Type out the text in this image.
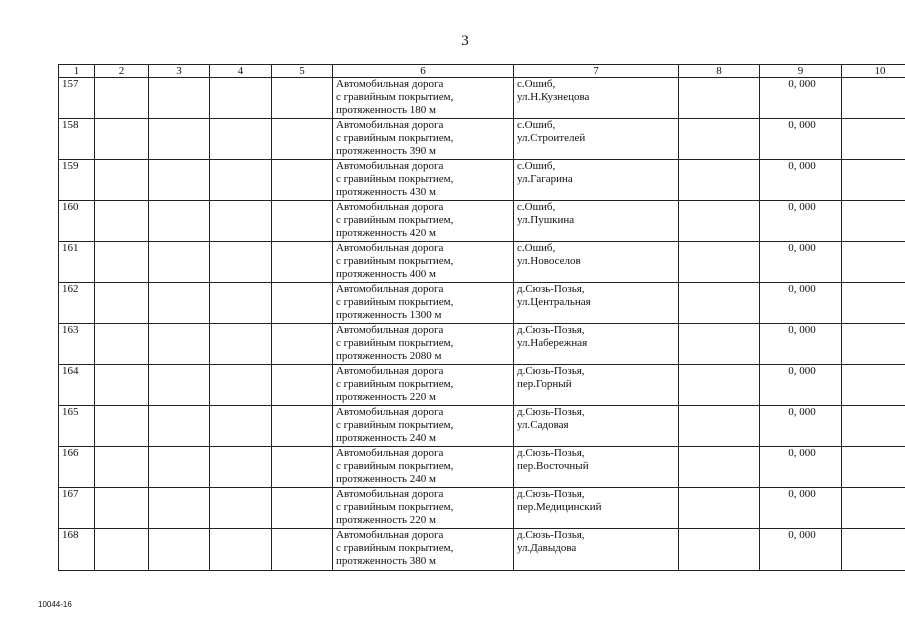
3
1	2	3	4	5	6	7	8	9	10
157					Автомобильная дорога
с гравийным покрытием,
протяженность 180 м	с.Ошиб,
ул.Н.Кузнецова		0, 000	
158					Автомобильная дорога
с гравийным покрытием,
протяженность 390 м	с.Ошиб,
ул.Строителей		0, 000	
159					Автомобильная дорога
с гравийным покрытием,
протяженность 430 м	с.Ошиб,
ул.Гагарина		0, 000	
160					Автомобильная дорога
с гравийным покрытием,
протяженность 420 м	с.Ошиб,
ул.Пушкина		0, 000	
161					Автомобильная дорога
с гравийным покрытием,
протяженность 400 м	с.Ошиб,
ул.Новоселов		0, 000	
162					Автомобильная дорога
с гравийным покрытием,
протяженность 1300 м	д.Сюзь-Позья,
ул.Центральная		0, 000	
163					Автомобильная дорога
с гравийным покрытием,
протяженность 2080 м	д.Сюзь-Позья,
ул.Набережная		0, 000	
164					Автомобильная дорога
с гравийным покрытием,
протяженность 220 м	д.Сюзь-Позья,
пер.Горный		0, 000	
165					Автомобильная дорога
с гравийным покрытием,
протяженность 240 м	д.Сюзь-Позья,
ул.Садовая		0, 000	
166					Автомобильная дорога
с гравийным покрытием,
протяженность 240 м	д.Сюзь-Позья,
пер.Восточный		0, 000	
167					Автомобильная дорога
с гравийным покрытием,
протяженность 220 м	д.Сюзь-Позья,
пер.Медицинский		0, 000	
168					Автомобильная дорога
с гравийным покрытием,
протяженность 380 м	д.Сюзь-Позья,
ул.Давыдова		0, 000	
10044-16
